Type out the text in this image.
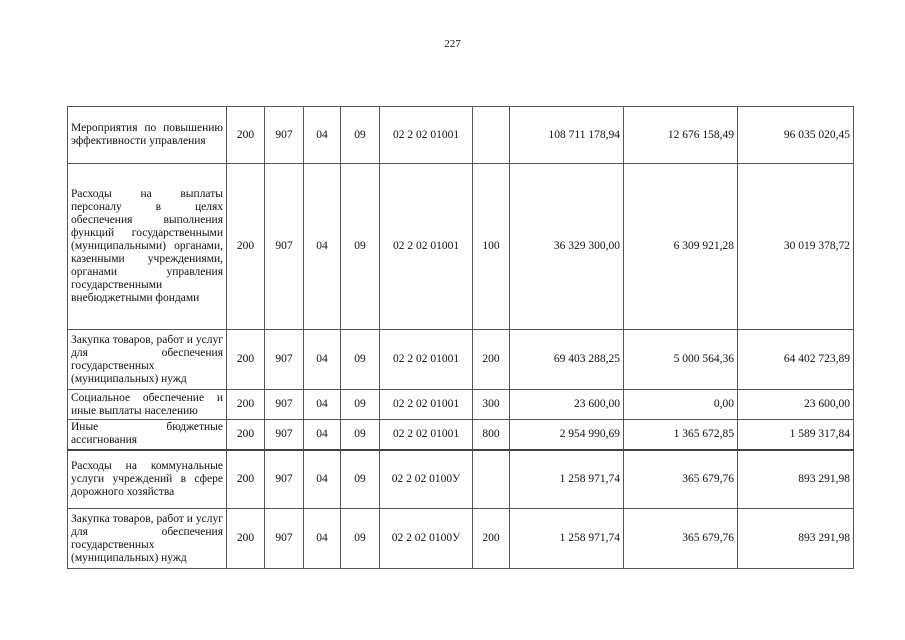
227
Мероприятия по повышению эффективности управления	200	907	04	09	02 2 02 01001		108 711 178,94	12 676 158,49	96 035 020,45
Расходы на выплаты персоналу в целях обеспечения выполнения функций государственными (муниципальными) органами, казенными учреждениями, органами управления государственными внебюджетными фондами	200	907	04	09	02 2 02 01001	100	36 329 300,00	6 309 921,28	30 019 378,72
Закупка товаров, работ и услуг для обеспечения государственных (муниципальных) нужд	200	907	04	09	02 2 02 01001	200	69 403 288,25	5 000 564,36	64 402 723,89
Социальное обеспечение и иные выплаты населению	200	907	04	09	02 2 02 01001	300	23 600,00	0,00	23 600,00
Иные бюджетные ассигнования	200	907	04	09	02 2 02 01001	800	2 954 990,69	1 365 672,85	1 589 317,84
Расходы на коммунальные услуги учреждений в сфере дорожного хозяйства	200	907	04	09	02 2 02 0100У		1 258 971,74	365 679,76	893 291,98
Закупка товаров, работ и услуг для обеспечения государственных (муниципальных) нужд	200	907	04	09	02 2 02 0100У	200	1 258 971,74	365 679,76	893 291,98
